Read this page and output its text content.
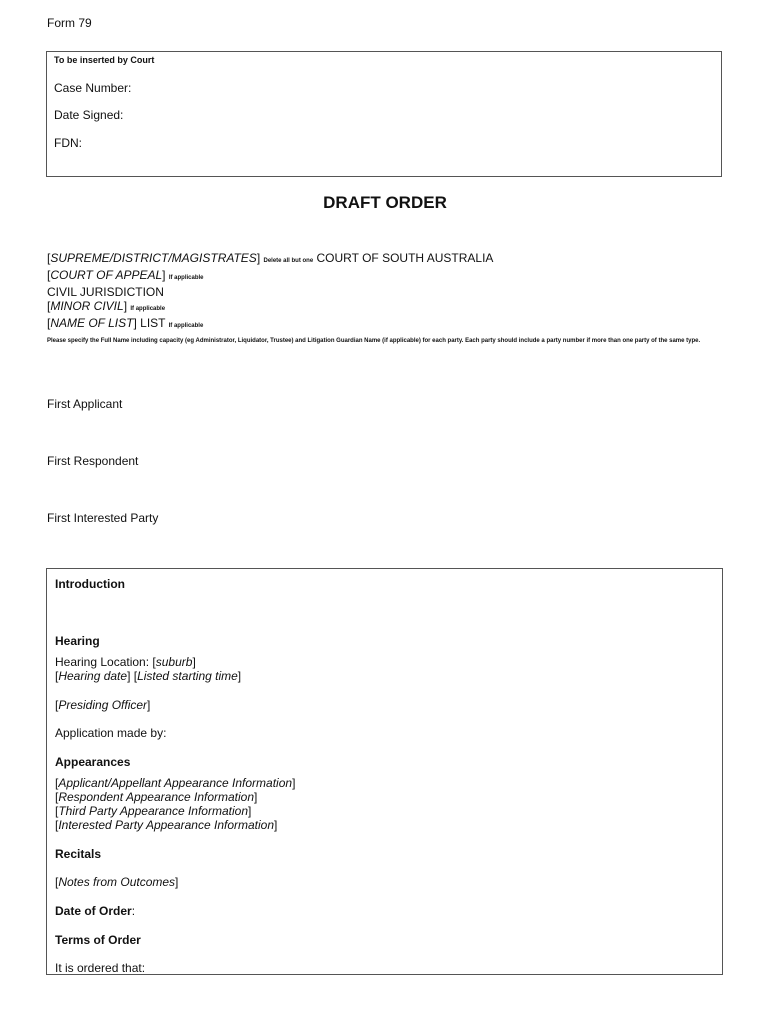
Form 79
To be inserted by Court
Case Number:
Date Signed:
FDN:
DRAFT ORDER
[SUPREME/DISTRICT/MAGISTRATES] Delete all but one COURT OF SOUTH AUSTRALIA
[COURT OF APPEAL] If applicable
CIVIL JURISDICTION
[MINOR CIVIL] If applicable
[NAME OF LIST] LIST If applicable
Please specify the Full Name including capacity (eg Administrator, Liquidator, Trustee) and Litigation Guardian Name (if applicable) for each party. Each party should include a party number if more than one party of the same type.
First Applicant
First Respondent
First Interested Party
Introduction
Hearing
Hearing Location: [suburb]
[Hearing date] [Listed starting time]
[Presiding Officer]
Application made by:
Appearances
[Applicant/Appellant Appearance Information]
[Respondent Appearance Information]
[Third Party Appearance Information]
[Interested Party Appearance Information]
Recitals
[Notes from Outcomes]
Date of Order:
Terms of Order
It is ordered that:
